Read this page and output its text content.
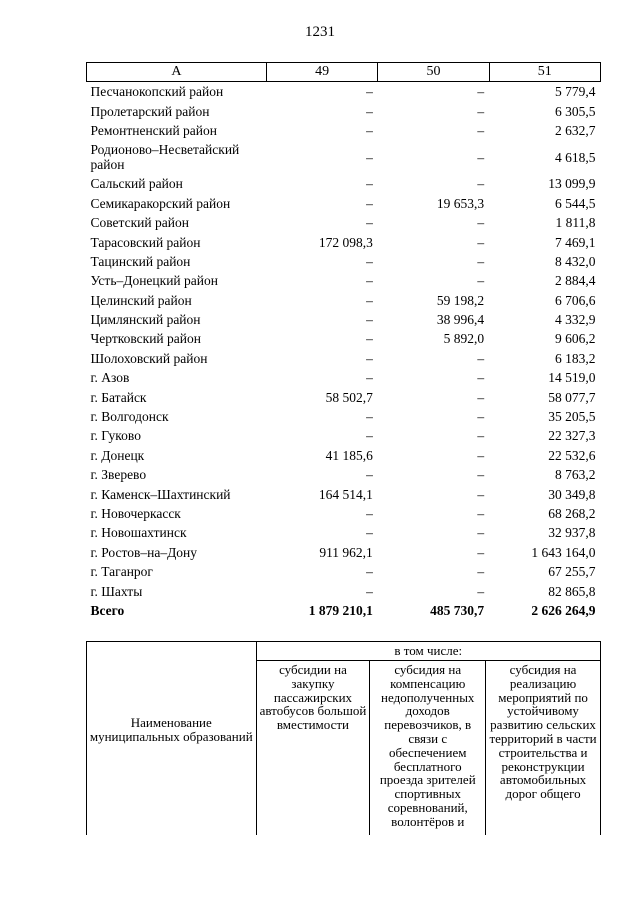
1231
А	49	50	51
Песчанокопский район	–	–	5 779,4
Пролетарский район	–	–	6 305,5
Ремонтненский район	–	–	2 632,7
Родионово–Несветайский район	–	–	4 618,5
Сальский район	–	–	13 099,9
Семикаракорский район	–	19 653,3	6 544,5
Советский район	–	–	1 811,8
Тарасовский район	172 098,3	–	7 469,1
Тацинский район	–	–	8 432,0
Усть–Донецкий район	–	–	2 884,4
Целинский район	–	59 198,2	6 706,6
Цимлянский район	–	38 996,4	4 332,9
Чертковский район	–	5 892,0	9 606,2
Шолоховский район	–	–	6 183,2
г. Азов	–	–	14 519,0
г. Батайск	58 502,7	–	58 077,7
г. Волгодонск	–	–	35 205,5
г. Гуково	–	–	22 327,3
г. Донецк	41 185,6	–	22 532,6
г. Зверево	–	–	8 763,2
г. Каменск–Шахтинский	164 514,1	–	30 349,8
г. Новочеркасск	–	–	68 268,2
г. Новошахтинск	–	–	32 937,8
г. Ростов–на–Дону	911 962,1	–	1 643 164,0
г. Таганрог	–	–	67 255,7
г. Шахты	–	–	82 865,8
Всего	1 879 210,1	485 730,7	2 626 264,9
Наименование муниципальных образований	в том числе:		

	субсидии на закупку пассажирских автобусов большой вместимости	субсидия на компенсацию недополученных доходов перевозчиков, в связи с обеспечением бесплатного проезда зрителей спортивных соревнований, волонтёров и	субсидия на реализацию мероприятий по устойчивому развитию сельских территорий в части строительства и реконструкции автомобильных дорог общего
